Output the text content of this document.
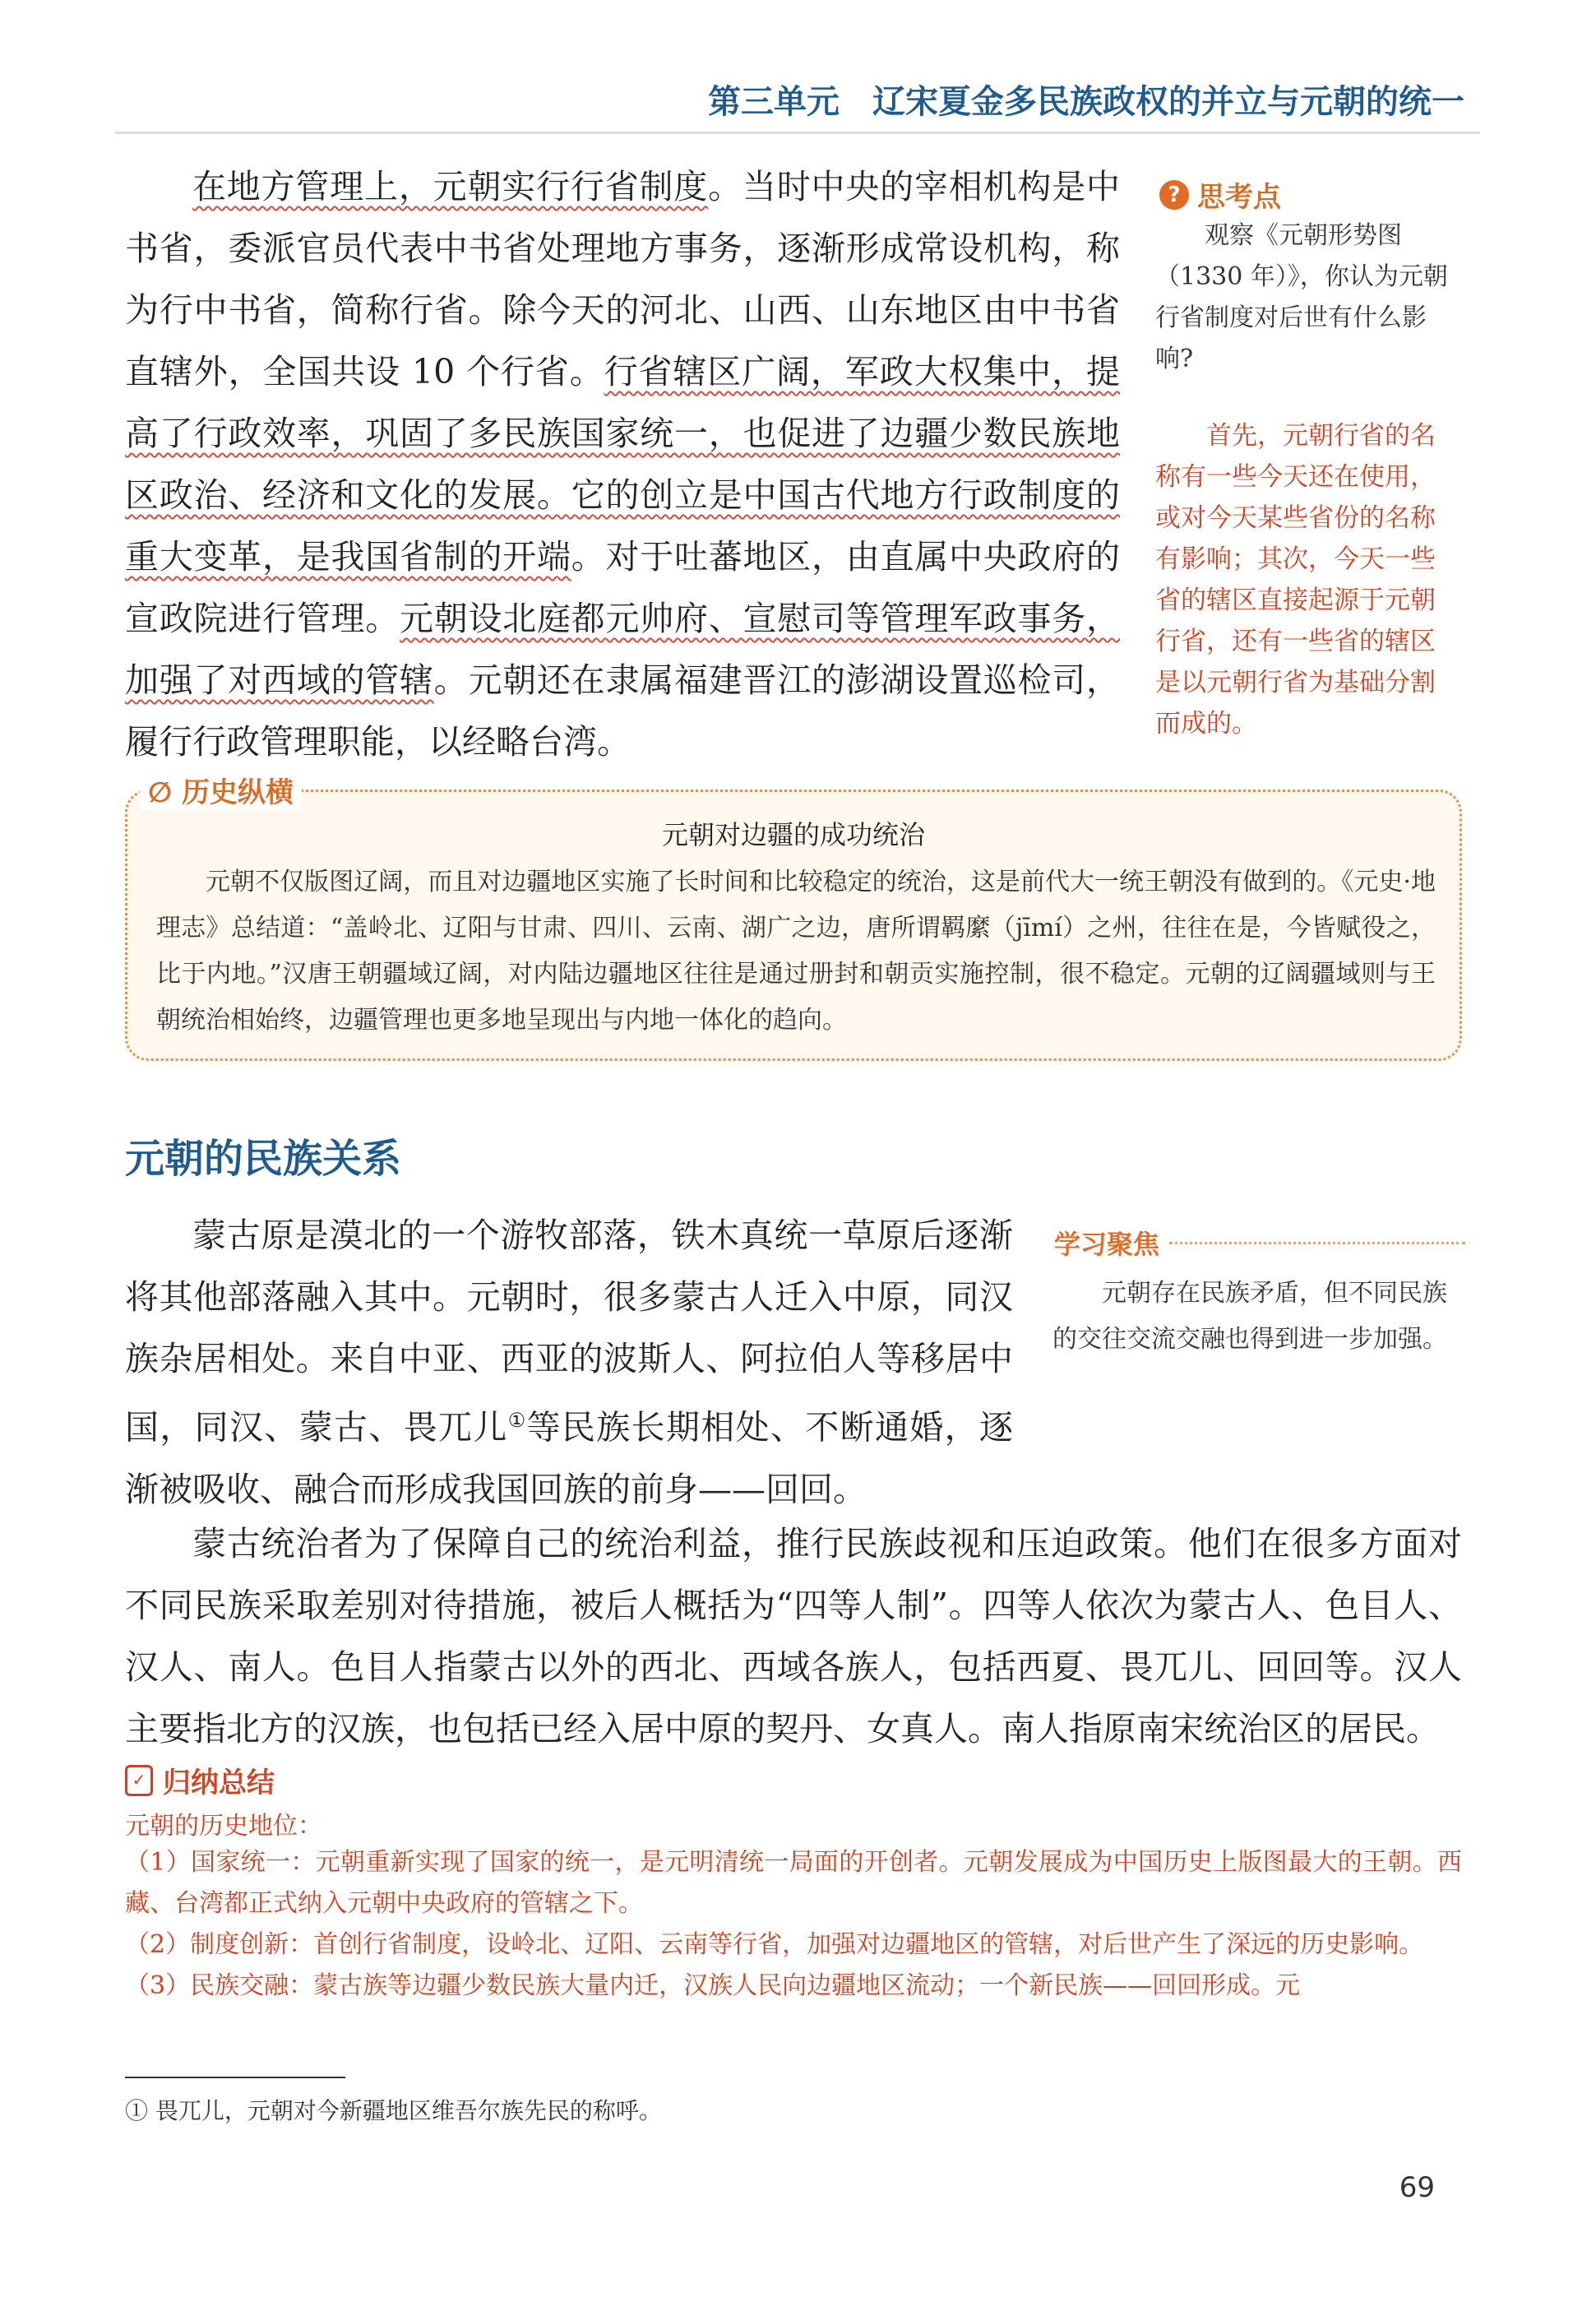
第三单元　辽宋夏金多民族政权的并立与元朝的统一

在地方管理上，元朝实行行省制度。当时中央的宰相机构是中书省，委派官员代表中书省处理地方事务，逐渐形成常设机构，称为行中书省，简称行省。除今天的河北、山西、山东地区由中书省直辖外，全国共设 10 个行省。行省辖区广阔，军政大权集中，提高了行政效率，巩固了多民族国家统一，也促进了边疆少数民族地区政治、经济和文化的发展。它的创立是中国古代地方行政制度的重大变革，是我国省制的开端。对于吐蕃地区，由直属中央政府的宣政院进行管理。元朝设北庭都元帅府、宣慰司等管理军政事务，加强了对西域的管辖。元朝还在隶属福建晋江的澎湖设置巡检司，履行行政管理职能，以经略台湾。

? 思考点

观察《元朝形势图（1330 年）》，你认为元朝行省制度对后世有什么影响?

首先，元朝行省的名称有一些今天还在使用，或对今天某些省份的名称有影响；其次，今天一些省的辖区直接起源于元朝行省，还有一些省的辖区是以元朝行省为基础分割而成的。

∅ 历史纵横
元朝对边疆的成功统治

元朝不仅版图辽阔，而且对边疆地区实施了长时间和比较稳定的统治，这是前代大一统王朝没有做到的。《元史·地理志》总结道：“盖岭北、辽阳与甘肃、四川、云南、湖广之边，唐所谓羁縻（jīmí）之州，往往在是，今皆赋役之，比于内地。”汉唐王朝疆域辽阔，对内陆边疆地区往往是通过册封和朝贡实施控制，很不稳定。元朝的辽阔疆域则与王朝统治相始终，边疆管理也更多地呈现出与内地一体化的趋向。

元朝的民族关系
学习聚焦

元朝存在民族矛盾，但不同民族的交往交流交融也得到进一步加强。

蒙古原是漠北的一个游牧部落，铁木真统一草原后逐渐将其他部落融入其中。元朝时，很多蒙古人迁入中原，同汉族杂居相处。来自中亚、西亚的波斯人、阿拉伯人等移居中国，同汉、蒙古、畏兀儿①等民族长期相处、不断通婚，逐渐被吸收、融合而形成我国回族的前身——回回。

蒙古统治者为了保障自己的统治利益，推行民族歧视和压迫政策。他们在很多方面对不同民族采取差别对待措施，被后人概括为“四等人制”。四等人依次为蒙古人、色目人、汉人、南人。色目人指蒙古以外的西北、西域各族人，包括西夏、畏兀儿、回回等。汉人主要指北方的汉族，也包括已经入居中原的契丹、女真人。南人指原南宋统治区的居民。

✓ 归纳总结
元朝的历史地位：
（1）国家统一：元朝重新实现了国家的统一，是元明清统一局面的开创者。元朝发展成为中国历史上版图最大的王朝。西藏、台湾都正式纳入元朝中央政府的管辖之下。
（2）制度创新：首创行省制度，设岭北、辽阳、云南等行省，加强对边疆地区的管辖，对后世产生了深远的历史影响。
（3）民族交融：蒙古族等边疆少数民族大量内迁，汉族人民向边疆地区流动；一个新民族——回回形成。元
① 畏兀儿，元朝对今新疆地区维吾尔族先民的称呼。
69
